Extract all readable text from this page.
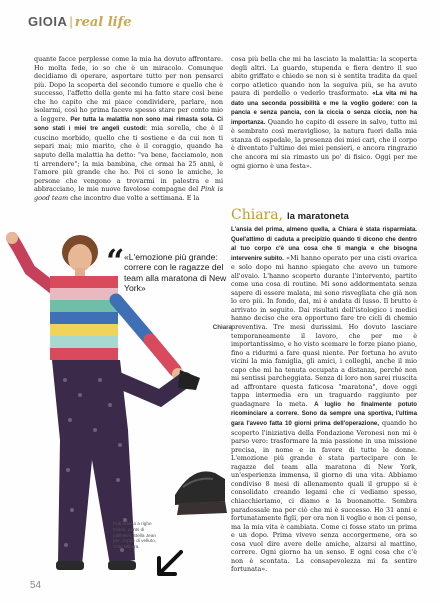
GIOIA | real life

quante facce perplesse come la mia ha dovuto affrontare. Ho molta fede, io so che è un miracolo. Comunque decidiamo di operare, asportare tutto per non pensarci più. Dopo la scoperta del secondo tumore e quello che è successo, l'affetto della gente mi ha fatto stare così bene che ho capito che mi piace condividere, parlare, non isolarmi, così ho prima facevo spesso stare per conto mio a leggere. Per tutta la malattia non sono mai rimasta sola. Ci sono stati i miei tre angeli custodi: mia sorella, che è il cuscino morbido, quello che ti sostiene e da cui non ti separi mai; mio marito, che è il coraggio, quando ha saputo della malattia ha detto: "va bene, facciamolo, non ti arrendere"; la mia bambina, che ormai ha 25 anni, è l'amore più grande che ho. Poi ci sono le amiche, le persone che vengono a trovarmi in palestra e mi abbracciano, le mie nuove favolose compagne del Pink is good team che incontro due volte a settimana. E la

cosa più bella che mi ha lasciato la malattia: la scoperta degli altri. La guardo, stupenda e fiera dentro il suo abito griffato e chiedo se non si è sentita tradita da quel corpo atletico quando non la seguiva più, se ha avuto paura di perdello o vederlo trasformato. «La vita mi ha dato una seconda possibilità e me la voglio godere: con la pancia e senza pancia, con la ciccia o senza ciccia, non ha importanza. Quando ho capito di essere in salvo, tutto mi è sembrato così meraviglioso, la natura fuori dalla mia stanza di ospedale, la presenza dei miei cari, che il corpo è diventato l'ultimo dei miei pensieri, e ancora ringrazio che ancora mi sia rimasto un po' di fisico. Oggi per me ogni giorno è una festa».

Chiara, la maratoneta

L'ansia del prima, almeno quella, a Chiara è stata risparmiata. Quel'attimo di caduta a precipizio quando ti dicono che dentro al tuo corpo c'è una cosa che ti mangia e che bisogna intervenire subito. «Mi hanno operato per una cisti ovarica e solo dopo mi hanno spiegato che avevo un tumore all'ovaio. L'hanno scoperto durante l'intervento, partito come una cosa di routine. Mi sono addormentata senza sapere di essere malata, mi sono risvegliata che già non lo ero più. In fondo, dai, mi è andata di lusso. Il brutto è arrivato in seguito. Dai risultati dell'istologico i medici hanno deciso che era opportuno fare tre cicli di chemio preventiva. Tre mesi durissimi. Ho dovuto lasciare temporaneamente il lavoro, che per me è importantissimo, e ho visto scemare le forze piano piano, fino a ridurmi a fare quasi niente. Per fortuna ho avuto vicini la mia famiglia, gli amici, i colleghi, anche il mio capo che mi ha tenuta occupata a distanza, perché non mi sentissi parcheggiata. Senza di loro non sarei riuscita ad affrontare questa faticosa "maratona", dove oggi tappa intermedia era un traguardo raggiunto per guadagnare la meta. A luglio ho finalmente potuto ricominciare a correre. Sono da sempre una sportiva, l'ultima gara l'avevo fatta 10 giorni prima dell'operazione, quando ho scoperto l'iniziativa della Fondazione Veronesi non mi è parso vero: trasformare la mia passione in una missione precisa, in nome e in favore di tutte le donne. L'emozione più grande è stata partecipare con le ragazze del team alla maratona di New York, un'esperienza immensa, il giorno di una vita. Abbiamo condiviso 8 mesi di allenamento quali il gruppo si è consolidato creando legami che ci vediamo spesso, chiacchieriamo, ci diamo e la buonanotte. Sembra paradossale ma per ciò che mi è successo. Ho 31 anni e fortunatamente figli, per ora non li voglio e non ci penso, ma la mia vita è cambiata. Come ci fosse stato un prima e un dopo. Prima vivevo senza accorgermene, ora so cosa vuol dire avere delle amiche, alzarsi al mattino, correre. Ogni giorno ha un senso. E ogni cosa che c'è non è scontata. La consapevolezza mi fa sentire fortunata».

“ «L'emozione più grande: correre con le ragazze del team alla maratona di New York»
Chiara
Pull di lana a righe Chloé, pants di paillettes Stella Jean per, zeppe di velluto, Chie Mihara.
54
